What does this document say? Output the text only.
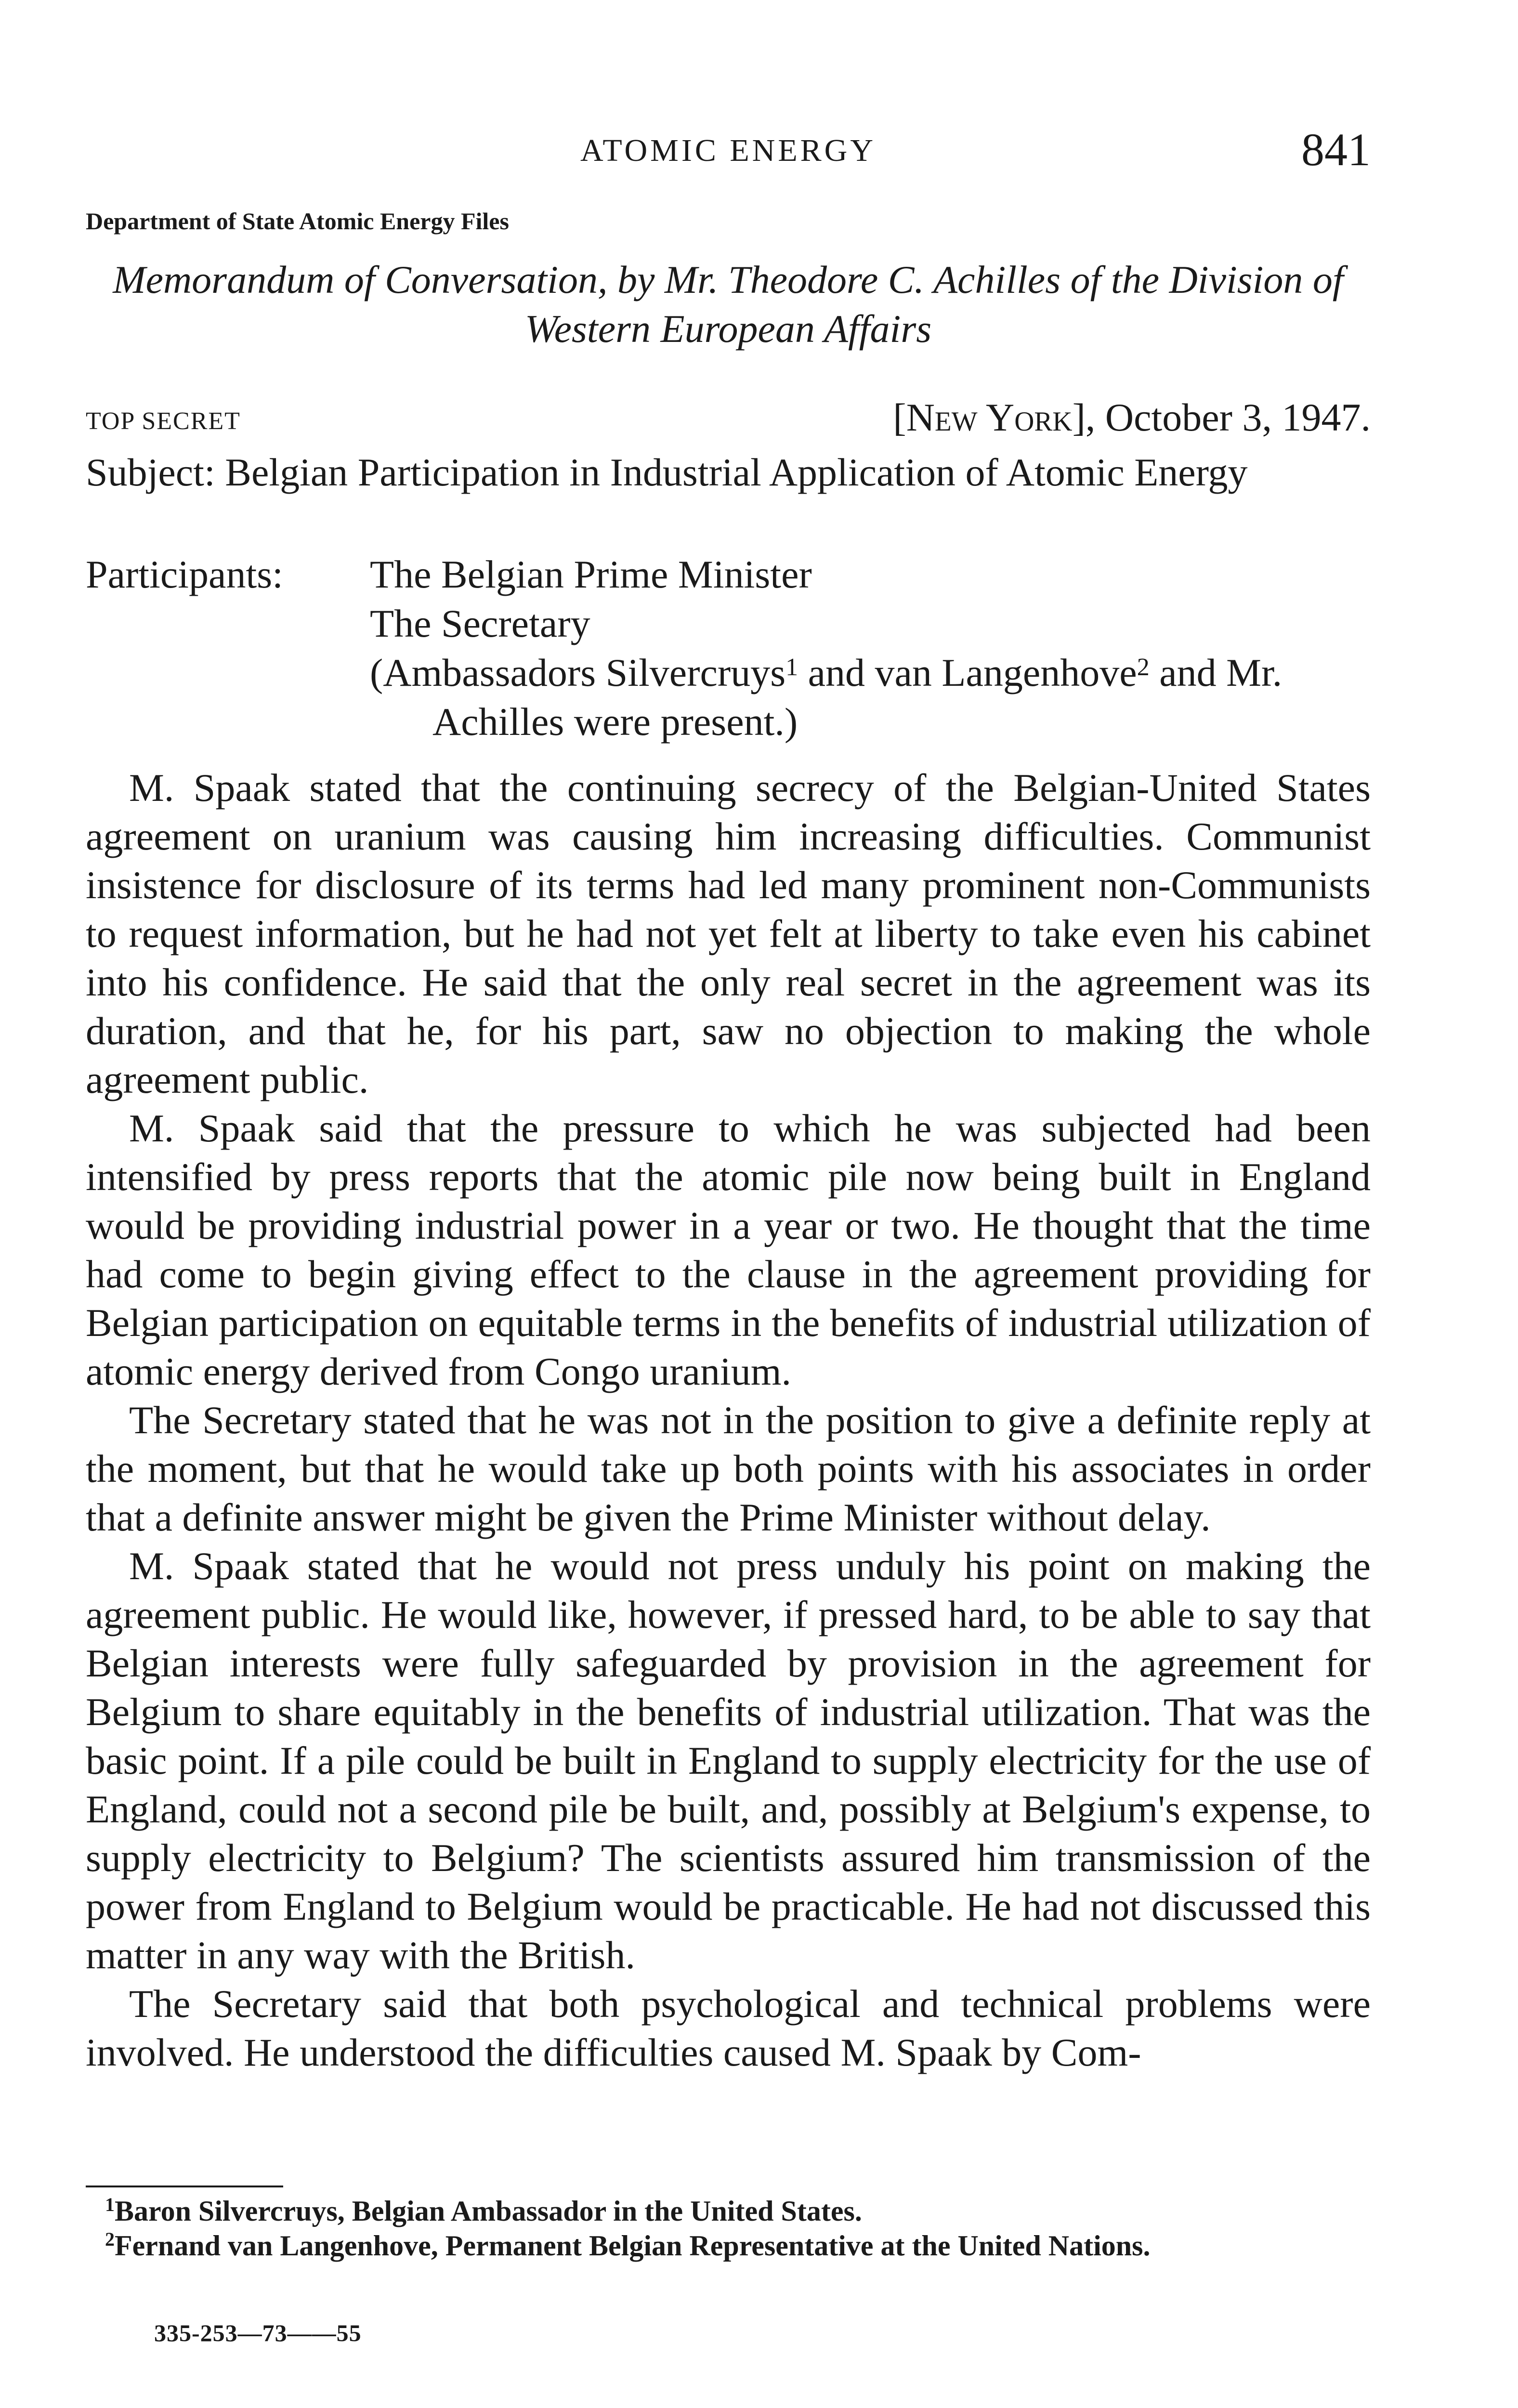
ATOMIC ENERGY	841
Department of State Atomic Energy Files
Memorandum of Conversation, by Mr. Theodore C. Achilles of the Division of Western European Affairs
TOP SECRET	[New York], October 3, 1947.
Subject: Belgian Participation in Industrial Application of Atomic Energy
Participants: The Belgian Prime Minister
The Secretary
(Ambassadors Silvercruys$^1$ and van Langenhove$^2$ and Mr. Achilles were present.)

M. Spaak stated that the continuing secrecy of the Belgian-United States agreement on uranium was causing him increasing difficulties. Communist insistence for disclosure of its terms had led many prominent non-Communists to request information, but he had not yet felt at liberty to take even his cabinet into his confidence. He said that the only real secret in the agreement was its duration, and that he, for his part, saw no objection to making the whole agreement public.

M. Spaak said that the pressure to which he was subjected had been intensified by press reports that the atomic pile now being built in England would be providing industrial power in a year or two. He thought that the time had come to begin giving effect to the clause in the agreement providing for Belgian participation on equitable terms in the benefits of industrial utilization of atomic energy derived from Congo uranium.

The Secretary stated that he was not in the position to give a definite reply at the moment, but that he would take up both points with his associates in order that a definite answer might be given the Prime Minister without delay.

M. Spaak stated that he would not press unduly his point on making the agreement public. He would like, however, if pressed hard, to be able to say that Belgian interests were fully safeguarded by provision in the agreement for Belgium to share equitably in the benefits of industrial utilization. That was the basic point. If a pile could be built in England to supply electricity for the use of England, could not a second pile be built, and, possibly at Belgium's expense, to supply electricity to Belgium? The scientists assured him transmission of the power from England to Belgium would be practicable. He had not discussed this matter in any way with the British.

The Secretary said that both psychological and technical problems were involved. He understood the difficulties caused M. Spaak by Com-

$^1$Baron Silvercruys, Belgian Ambassador in the United States.

$^2$Fernand van Langenhove, Permanent Belgian Representative at the United Nations.

335-253—73——55
